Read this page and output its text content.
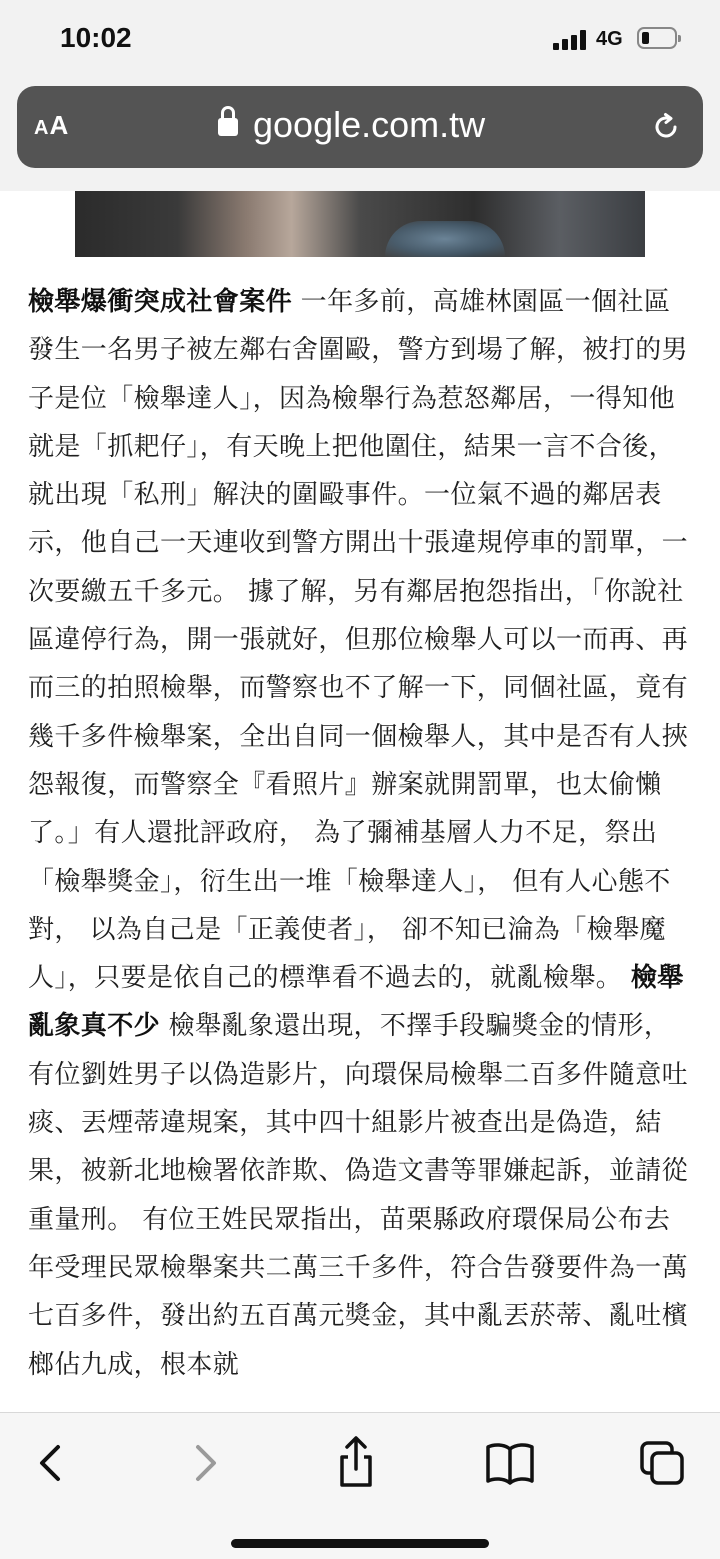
10:02	4G
AA	google.com.tw

檢舉爆衝突成社會案件 一年多前，高雄林園區一個社區發生一名男子被左鄰右舍圍毆，警方到場了解，被打的男子是位「檢舉達人」，因為檢舉行為惹怒鄰居，一得知他就是「抓耙仔」，有天晚上把他圍住，結果一言不合後，就出現「私刑」解決的圍毆事件。一位氣不過的鄰居表示，他自己一天連收到警方開出十張違規停車的罰單，一次要繳五千多元。 據了解，另有鄰居抱怨指出，「你說社區違停行為，開一張就好，但那位檢舉人可以一而再、再而三的拍照檢舉，而警察也不了解一下，同個社區，竟有幾千多件檢舉案，全出自同一個檢舉人，其中是否有人挾怨報復，而警察全『看照片』辦案就開罰單，也太偷懶了。」有人還批評政府， 為了彌補基層人力不足，祭出「檢舉獎金」，衍生出一堆「檢舉達人」， 但有人心態不對， 以為自己是「正義使者」， 卻不知已淪為「檢舉魔人」，只要是依自己的標準看不過去的，就亂檢舉。 檢舉亂象真不少 檢舉亂象還出現，不擇手段騙獎金的情形，有位劉姓男子以偽造影片，向環保局檢舉二百多件隨意吐痰、丟煙蒂違規案，其中四十組影片被查出是偽造，結果，被新北地檢署依詐欺、偽造文書等罪嫌起訴，並請從重量刑。 有位王姓民眾指出，苗栗縣政府環保局公布去年受理民眾檢舉案共二萬三千多件，符合告發要件為一萬七百多件，發出約五百萬元獎金，其中亂丟菸蒂、亂吐檳榔佔九成，根本就
